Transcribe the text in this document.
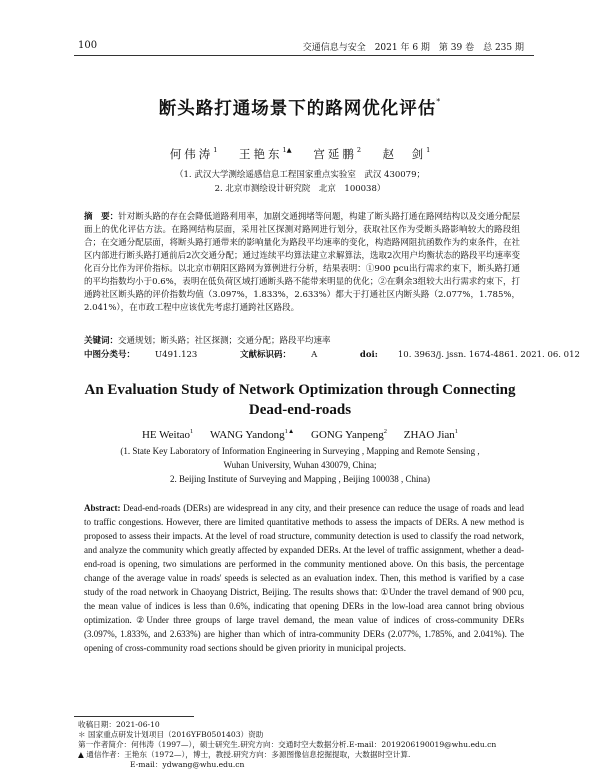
100	交通信息与安全　2021 年 6 期　第 39 卷　总 235 期
断头路打通场景下的路网优化评估*
何伟涛$^1$ 王艳东$^{1▲}$ 宫延鹏$^2$ 赵　剑$^1$
（1. 武汉大学测绘遥感信息工程国家重点实验室　武汉 430079；
2. 北京市测绘设计研究院　北京　100038）
摘　要：针对断头路的存在会降低道路利用率，加剧交通拥堵等问题，构建了断头路打通在路网结构以及交通分配层面上的优化评估方法。在路网结构层面，采用社区探测对路网进行划分，获取社区作为受断头路影响较大的路段组合；在交通分配层面，将断头路打通带来的影响量化为路段平均速率的变化，构造路网阻抗函数作为约束条件，在社区内部进行断头路打通前后2次交通分配；通过连续平均算法建立求解算法，选取2次用户均衡状态的路段平均速率变化百分比作为评价指标。以北京市朝阳区路网为算例进行分析，结果表明：①900 pcu出行需求约束下，断头路打通的平均指数均小于0.6%，表明在低负荷区域打通断头路不能带来明显的优化；②在剩余3组较大出行需求约束下，打通跨社区断头路的评价指数均值（3.097%，1.833%，2.633%）都大于打通社区内断头路（2.077%，1.785%，2.041%），在市政工程中应该优先考虑打通跨社区路段。
关键词：交通规划；断头路；社区探测；交通分配；路段平均速率
中图分类号： U491.123	文献标识码： A	doi: 10. 3963/j. jssn. 1674-4861. 2021. 06. 012
An Evaluation Study of Network Optimization through Connecting
Dead-end-roads
HE Weitao$^1$ WANG Yandong$^{1▲}$ GONG Yanpeng$^2$ ZHAO Jian$^1$
(1. State Key Laboratory of Information Engineering in Surveying , Mapping and Remote Sensing ,
Wuhan University, Wuhan 430079, China;
2. Beijing Institute of Surveying and Mapping , Beijing 100038 , China)
Abstract: Dead-end-roads (DERs) are widespread in any city, and their presence can reduce the usage of roads and lead to traffic congestions. However, there are limited quantitative methods to assess the impacts of DERs. A new method is proposed to assess their impacts. At the level of road structure, community detection is used to classify the road network, and analyze the community which greatly affected by expanded DERs. At the level of traffic assignment, whether a dead-end-road is opening, two simulations are performed in the community mentioned above. On this basis, the percentage change of the average value in roads' speeds is selected as an evaluation index. Then, this method is varified by a case study of the road network in Chaoyang District, Beijing. The results shows that: ①Under the travel demand of 900 pcu, the mean value of indices is less than 0.6%, indicating that opening DERs in the low-load area cannot bring obvious optimization. ②Under three groups of large travel demand, the mean value of indices of cross-community DERs (3.097%, 1.833%, and 2.633%) are higher than which of intra-community DERs (2.077%, 1.785%, and 2.041%). The opening of cross-community road sections should be given priority in municipal projects.
收稿日期：2021-06-10
＊ 国家重点研发计划项目（2016YFB0501403）资助
第一作者简介：何伟涛（1997—），硕士研究生.研究方向：交通时空大数据分析.E-mail：2019206190019@whu.edu.cn
▲ 通信作者：王艳东（1972—），博士，教授.研究方向：多源图像信息挖掘提取，大数据时空计算.
E-mail：ydwang@whu.edu.cn
